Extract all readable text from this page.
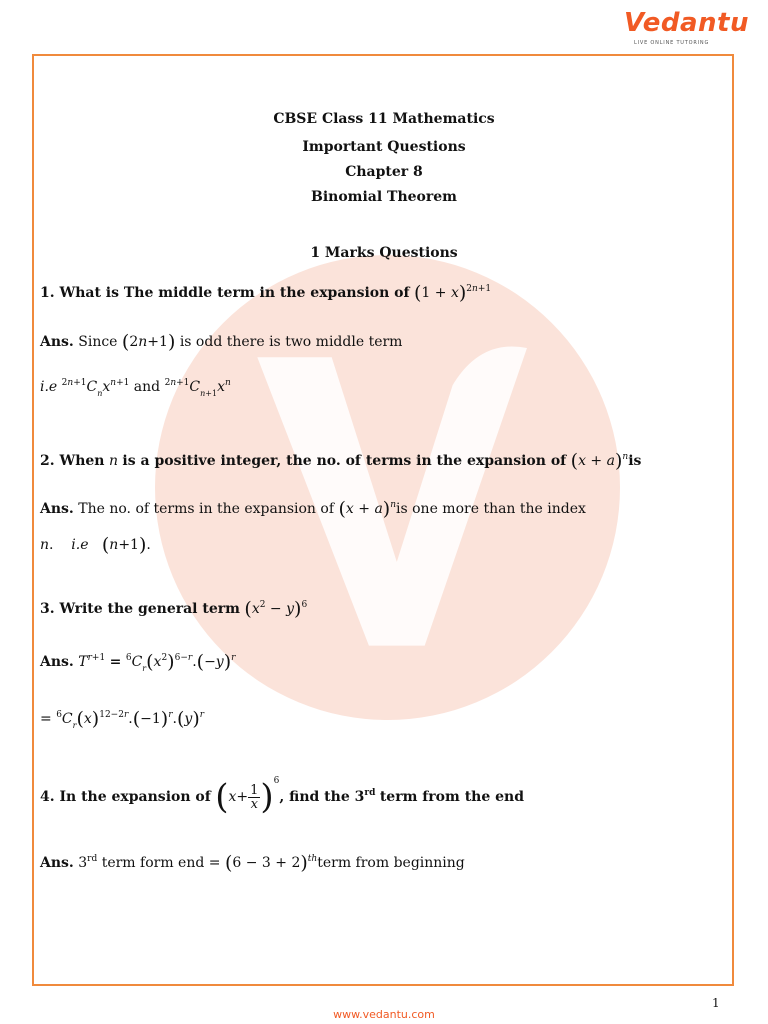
Vedantu
LIVE ONLINE TUTORING
CBSE Class 11 Mathematics
Important Questions
Chapter 8
Binomial Theorem
1 Marks Questions
1. What is The middle term in the expansion of $(1 + x)^{2n+1}$
Ans. Since (2n+1) is odd there is two middle term
i.e $^{2n+1}C_nx^{n+1}$ and $^{2n+1}C_{n+1}x^n$
2. When n is a positive integer, the no. of terms in the expansion of $(x + a)^nis$
Ans. The no. of terms in the expansion of $(x + a)^nis$ one more than the index
n.    i.e (n+1).
3. Write the general term $(x^2 - y)^6$
Ans. $T^{r+1} = ^6C_r(x^2)^{6-r}.(-y)^r$
= $^6C_r(x)^{12-2r}.(-1)^r.(y)^r$
4. In the expansion of $(x+ \frac{1}{x} )^6$, find the 3rd term from the end
Ans. 3rd term form end = $(6 - 3 + 2)^{th}term$ from beginning
1
www.vedantu.com
